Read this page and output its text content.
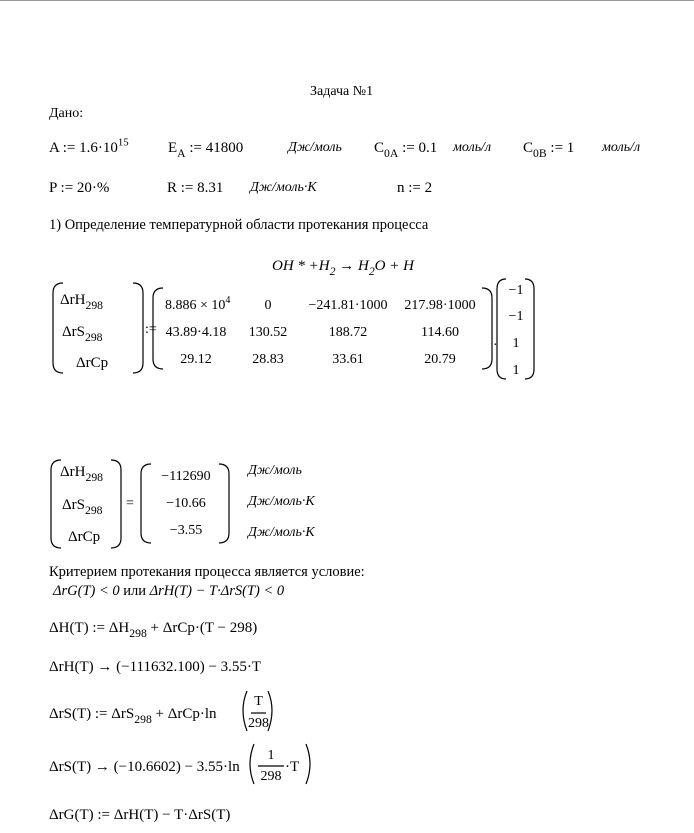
Задача №1
Дано:
A := $1.6\cdot 10^{15}$	$E_A$ := 41800	Дж/моль $C_{0A}$ := 0.1 моль/л $C_{0B}$ := 1 моль/л
P := 20·%	R := 8.31 Дж/моль·K	n := 2
1) Определение температурной области протекания процесса
OH * $+H_2 \to H_2O + H$
ΔrH$_{298}$
ΔrS$_{298}$
ΔrCp
:=
$8.886 \times 10^4$ 0	−241.81·1000 217.98·1000
43.89·4.18 130.52	188.72	114.60
29.12	28.83	33.61	20.79
·
−1
−1
1
1
ΔrH$_{298}$
ΔrS$_{298}$
ΔrCp
=
−112690
−10.66
−3.55
Дж/моль
Дж/моль·K
Дж/моль·K
Критерием протекания процесса является условие:
ΔrG(T) < 0 или ΔrH(T) − T·ΔrS(T) < 0
ΔH(T) := $\Delta H_{298} + \Delta rCp\cdot(T - 298)$
ΔrH(T) → (−111632.100) − 3.55·T
ΔrS(T) := ΔrS$_{298}$ + ΔrCp·ln
T
298
ΔrS(T) → (−10.6602) − 3.55·ln
1
298
·T
ΔrG(T) := ΔrH(T) − T·ΔrS(T)
